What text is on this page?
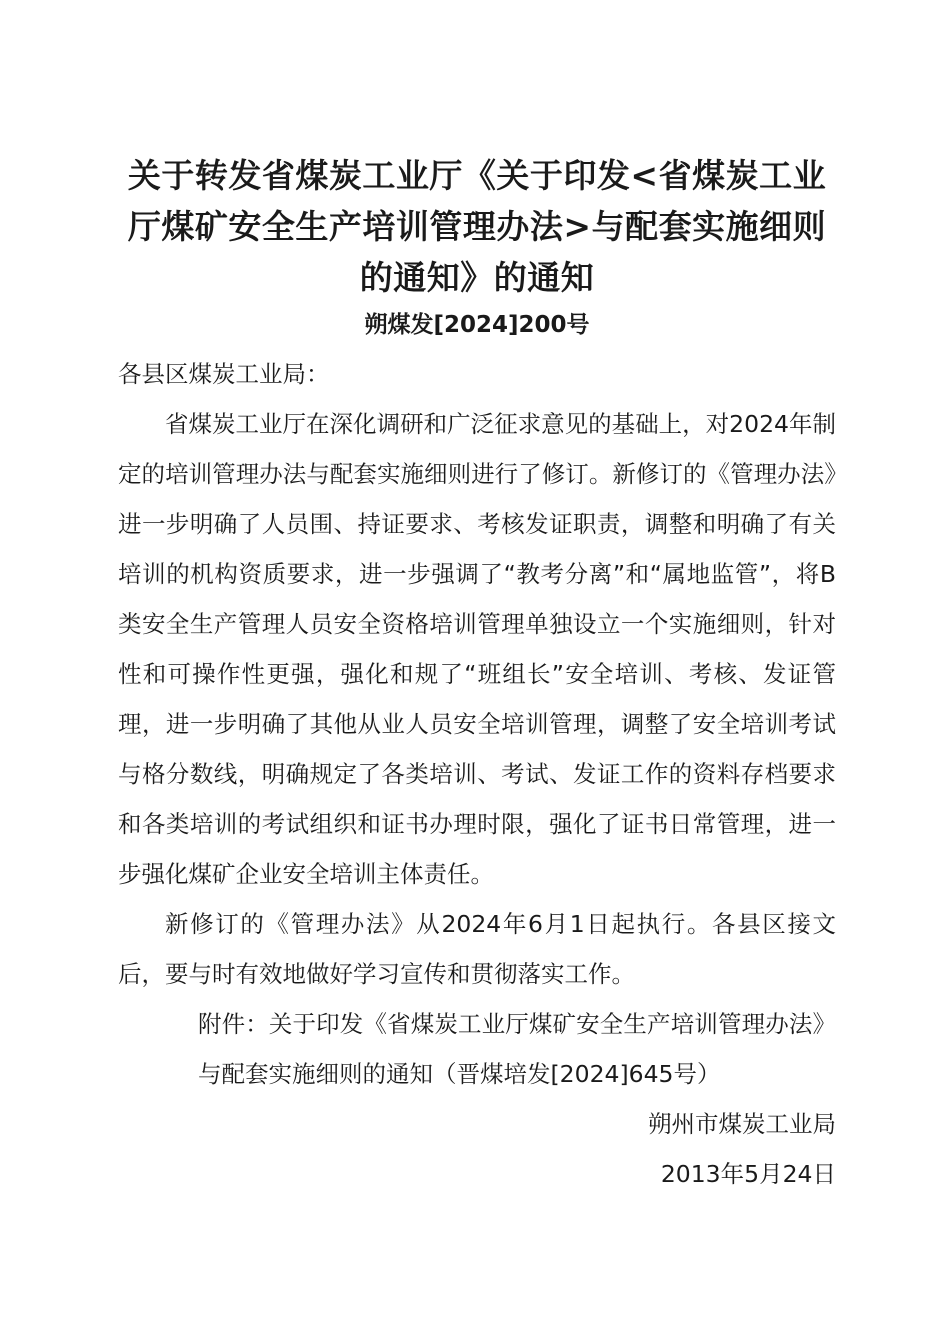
关于转发省煤炭工业厅《关于印发<省煤炭工业厅煤矿安全生产培训管理办法>与配套实施细则的通知》的通知
朔煤发[2024]200号

各县区煤炭工业局：

省煤炭工业厅在深化调研和广泛征求意见的基础上，对2024年制定的培训管理办法与配套实施细则进行了修订。新修订的《管理办法》进一步明确了人员围、持证要求、考核发证职责，调整和明确了有关培训的机构资质要求，进一步强调了“教考分离”和“属地监管”，将B类安全生产管理人员安全资格培训管理单独设立一个实施细则，针对性和可操作性更强，强化和规了“班组长”安全培训、考核、发证管理，进一步明确了其他从业人员安全培训管理，调整了安全培训考试与格分数线，明确规定了各类培训、考试、发证工作的资料存档要求和各类培训的考试组织和证书办理时限，强化了证书日常管理，进一步强化煤矿企业安全培训主体责任。

新修订的《管理办法》从2024年6月1日起执行。各县区接文后，要与时有效地做好学习宣传和贯彻落实工作。

附件：关于印发《省煤炭工业厅煤矿安全生产培训管理办法》与配套实施细则的通知（晋煤培发[2024]645号）

朔州市煤炭工业局

2013年5月24日
